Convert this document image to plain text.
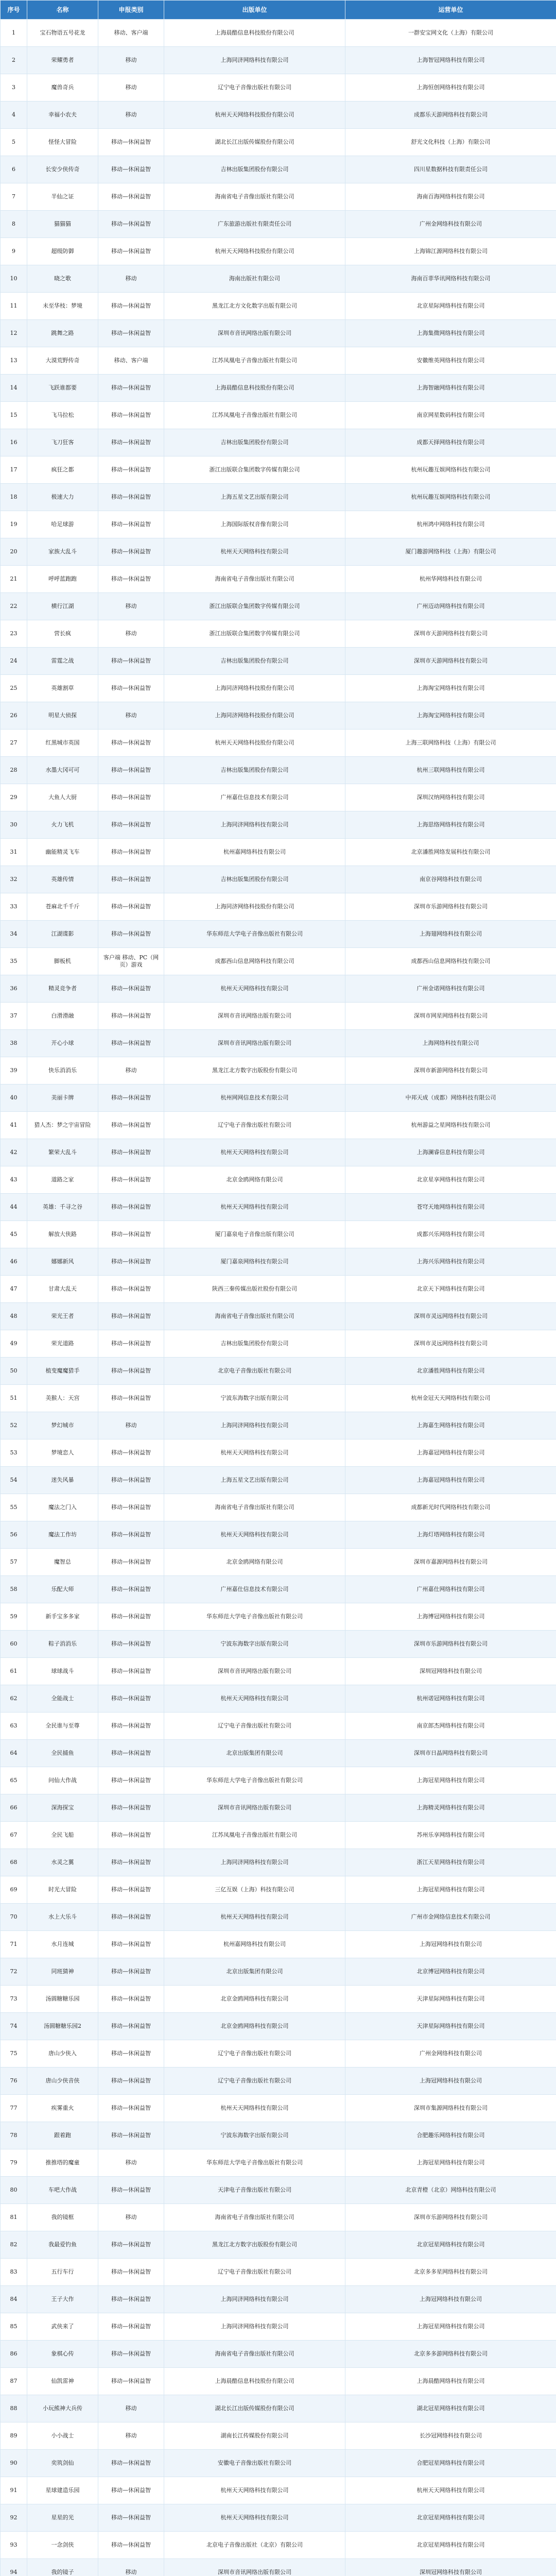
序号	名称	申报类别	出版单位	运营单位
1	宝石物语五号花龙	移动、客户端	上海晨酷信息科技股份有限公司	一群安宝网文化（上海）有限公司
2	荣耀勇者	移动	上海同济网络科技有限公司	上海智冠网络科技有限公司
3	魔兽奇兵	移动	辽宁电子音像出版社有限公司	上海恒创网络科技有限公司
4	幸福小农夫	移动	杭州天天网络科技股份有限公司	成都乐天游网络科技有限公司
5	怪怪大冒险	移动—休闲益智	湖北长江出版传媒股份有限公司	舒光文化科技（上海）有限公司
6	长安少侠传奇	移动—休闲益智	吉林出版集团股份有限公司	四川星数据科技有限责任公司
7	半仙之证	移动—休闲益智	海南省电子音像出版社有限公司	海南百海网络科技有限公司
8	猫猫猫	移动—休闲益智	广东旅游出版社有限责任公司	广州金网络科技有限公司
9	超级防御	移动—休闲益智	杭州天天网络科技股份有限公司	上海锦江源网络科技有限公司
10	晓之歌	移动	海南出版社有限公司	海南百菲华讯网络科技有限公司
11	未至华枝：梦境	移动—休闲益智	黑龙江北方文化数字出版有限公司	北京星际网络科技有限公司
12	跳舞之路	移动—休闲益智	深圳市音讯网络出版有限公司	上海集微网络科技有限公司
13	大漠荒野传奇	移动、客户端	江苏凤凰电子音像出版社有限公司	安徽维英网络科技有限公司
14	飞跃谁都要	移动—休闲益智	上海晨酷信息科技股份有限公司	上海智融网络科技有限公司
15	飞马拉松	移动—休闲益智	江苏凤凰电子音像出版社有限公司	南京网星数码科技有限公司
16	飞刀狂客	移动—休闲益智	吉林出版集团股份有限公司	成都天择网络科技有限公司
17	疯狂之都	移动—休闲益智	浙江出版联合集团数字传媒有限公司	杭州玩趣互娱网络科技有限公司
18	极速大力	移动—休闲益智	上海五星文艺出版有限公司	杭州玩趣互娱网络科技有限公司
19	哈足球游	移动—休闲益智	上海国际版权音像有限公司	杭州鸿中网络科技有限公司
20	家族大乱斗	移动—休闲益智	杭州天天网络科技有限公司	厦门趣游网络科技（上海）有限公司
21	呼呼蓝跑跑	移动—休闲益智	海南省电子音像出版社有限公司	杭州华网络科技有限公司
22	横行江湖	移动	浙江出版联合集团数字传媒有限公司	广州迈动网络科技有限公司
23	营长疯	移动	浙江出版联合集团数字传媒有限公司	深圳市天游网络科技有限公司
24	雷霆之战	移动—休闲益智	吉林出版集团股份有限公司	深圳市天游网络科技有限公司
25	英雄割草	移动—休闲益智	上海同济网络科技股份有限公司	上海淘宝网络科技有限公司
26	明星大侦探	移动	上海同济网络科技股份有限公司	上海淘宝网络科技有限公司
27	红黑城市英国	移动—休闲益智	杭州天天网络科技股份有限公司	上海三联网络科技（上海）有限公司
28	水墨大冈可可	移动—休闲益智	吉林出版集团股份有限公司	杭州三联网络科技有限公司
29	大鱼人大厨	移动—休闲益智	广州嘉仕信息技术有限公司	深圳汉纳网络科技有限公司
30	火力飞机	移动—休闲益智	上海同济网络科技有限公司	上海思络网络科技有限公司
31	幽能精灵飞车	移动—休闲益智	杭州嘉网络科技有限公司	北京潘胜网络发展科技有限公司
32	英雄传情	移动—休闲益智	吉林出版集团股份有限公司	南京谷网络科技有限公司
33	苍麻北千千斤	移动—休闲益智	上海同济网络科技股份有限公司	深圳市乐游网络科技有限公司
34	江湖谍影	移动—休闲益智	华东师范大学电子音像出版社有限公司	上海翅网络科技有限公司
35	脚板机	客户端 移动、PC（网页）游戏	成都西山信息网络科技有限公司	成都西山信息网络科技有限公司
36	精灵竞争者	移动—休闲益智	杭州天天网络科技有限公司	广州金诺网络科技有限公司
37	白滑滑融	移动—休闲益智	深圳市音讯网络出版有限公司	深圳市网星网络科技有限公司
38	开心小球	移动—休闲益智	深圳市音讯网络出版有限公司	上海网络科技有限公司
39	快乐消消乐	移动	黑龙江北方数字出版股份有限公司	深圳市新游网络科技有限公司
40	美丽卡牌	移动—休闲益智	杭州网网信息技术有限公司	中邦天成（成都）网络科技有限公司
41	猎人杰：梦之宇宙冒险	移动—休闲益智	辽宁电子音像出版社有限公司	杭州游益之星网络科技有限公司
42	繁荣大乱斗	移动—休闲益智	杭州天天网络科技有限公司	上海澜睿信息科技有限公司
43	道路之家	移动—休闲益智	北京金鸥网络有限公司	北京星享网络科技有限公司
44	英雄：千寻之谷	移动—休闲益智	杭州天天网络科技有限公司	苍穹天地网络科技有限公司
45	解放大侠路	移动—休闲益智	厦门嘉泉电子音像出版有限公司	成都兴乐网络科技有限公司
46	娜娜新风	移动—休闲益智	厦门嘉泉网络科技有限公司	上海兴乐网络科技有限公司
47	甘肃大乱天	移动—休闲益智	陕西三秦传媒出版社股份有限公司	北京天下网络科技有限公司
48	荣光王者	移动—休闲益智	海南省电子音像出版社有限公司	深圳市灵远网络科技有限公司
49	荣光道路	移动—休闲益智	吉林出版集团股份有限公司	深圳市灵远网络科技有限公司
50	植变魔魔猎手	移动—休闲益智	北京电子音像出版社有限公司	北京潘胜网络科技有限公司
51	美猴人：天宫	移动—休闲益智	宁波东海数字出版有限公司	杭州金冠天天网络科技有限公司
52	梦幻城市	移动	上海同济网络科技有限公司	上海嘉生网络科技有限公司
53	梦境恋人	移动—休闲益智	杭州天天网络科技有限公司	上海嘉冠网络科技有限公司
54	迷失风暴	移动—休闲益智	上海五星文艺出版有限公司	上海嘉冠网络科技有限公司
55	魔法之门入	移动—休闲益智	海南省电子音像出版社有限公司	成都新光时代网络科技有限公司
56	魔法工作坊	移动—休闲益智	杭州天天网络科技有限公司	上海灯塔网络科技有限公司
57	魔智总	移动—休闲益智	北京金鸥网络有限公司	深圳市嘉源网络科技有限公司
58	乐配大师	移动—休闲益智	广州嘉仕信息技术有限公司	广州嘉仕网络科技有限公司
59	新手宝多多家	移动—休闲益智	华东师范大学电子音像出版社有限公司	上海博冠网络科技有限公司
60	粽子消消乐	移动—休闲益智	宁波东海数字出版有限公司	深圳市乐游网络科技有限公司
61	球球战斗	移动—休闲益智	深圳市音讯网络出版有限公司	深圳冠网络科技有限公司
62	全能战士	移动—休闲益智	杭州天天网络科技有限公司	杭州诺冠网络科技有限公司
63	全民谁与至尊	移动—休闲益智	辽宁电子音像出版社有限公司	南京郎杰网络科技有限公司
64	全民捕鱼	移动—休闲益智	北京出版集团有限公司	深圳市日晶网络科技有限公司
65	问仙大作战	移动—休闲益智	华东师范大学电子音像出版社有限公司	上海冠星网络科技有限公司
66	深海探宝	移动—休闲益智	深圳市音讯网络出版有限公司	上海精灵网络科技有限公司
67	全民飞船	移动—休闲益智	江苏凤凰电子音像出版社有限公司	苏州乐享网络科技有限公司
68	水灵之翼	移动—休闲益智	上海同济网络科技有限公司	浙江天星网络科技有限公司
69	时光大冒险	移动—休闲益智	三亿互娱（上海）科技有限公司	上海冠星网络科技有限公司
70	水上大乐斗	移动—休闲益智	杭州天天网络科技有限公司	广州市金网络信息技术有限公司
71	水月连城	移动—休闲益智	杭州嘉网络科技有限公司	上海冠网络科技有限公司
72	同班猜神	移动—休闲益智	北京出版集团有限公司	北京博冠网络科技有限公司
73	汤圆糖糖乐园	移动—休闲益智	北京金鸥网络科技有限公司	天津星际网络科技有限公司
74	汤圆糖糖乐园2	移动—休闲益智	北京金鸥网络科技有限公司	天津星际网络科技有限公司
75	唐山少侠入	移动—休闲益智	辽宁电子音像出版社有限公司	广州金网络科技有限公司
76	唐山少侠音侠	移动—休闲益智	辽宁电子音像出版社有限公司	上海冠网络科技有限公司
77	疾雾重火	移动—休闲益智	杭州天天网络科技有限公司	深圳市集源网络科技有限公司
78	跟着跑	移动—休闲益智	宁波东海数字出版有限公司	合肥趣乐网络科技有限公司
79	推推塔的魔童	移动	华东师范大学电子音像出版社有限公司	上海冠星网络科技有限公司
80	车吧大作战	移动—休闲益智	天津电子音像出版社有限公司	北京青橙（北京）网络科技有限公司
81	我的镜框	移动	海南省电子音像出版社有限公司	深圳市乐游网络科技有限公司
82	我最爱钓鱼	移动—休闲益智	黑龙江北方数字出版股份有限公司	北京冠星网络科技有限公司
83	五行车行	移动—休闲益智	辽宁电子音像出版社有限公司	北京多多星网络科技有限公司
84	王子大作	移动—休闲益智	上海同济网络科技有限公司	上海冠网络科技有限公司
85	武侠来了	移动—休闲益智	上海同济网络科技有限公司	上海冠星网络科技有限公司
86	象棋心传	移动—休闲益智	海南省电子音像出版社有限公司	北京多多游网络科技有限公司
87	仙凯雷神	移动—休闲益智	上海晨酷信息科技股份有限公司	上海晨酷网络科技有限公司
88	小玩熊神大兵传	移动	湖北长江出版传媒股份有限公司	湖北冠星网络科技有限公司
89	小小战士	移动	湖南长江传媒股份有限公司	长沙冠网络科技有限公司
90	奕筑剑仙	移动—休闲益智	安徽电子音像出版社有限公司	合肥冠星网络科技有限公司
91	星球建造乐园	移动—休闲益智	杭州天天网络科技有限公司	杭州天天网络科技有限公司
92	星星的光	移动—休闲益智	杭州天天网络科技有限公司	北京冠星网络科技有限公司
93	一念剑侠	移动—休闲益智	北京电子音像出版社（北京）有限公司	北京冠星网络科技有限公司
94	我的镜子	移动	深圳市音讯网络出版有限公司	深圳冠网络科技有限公司
